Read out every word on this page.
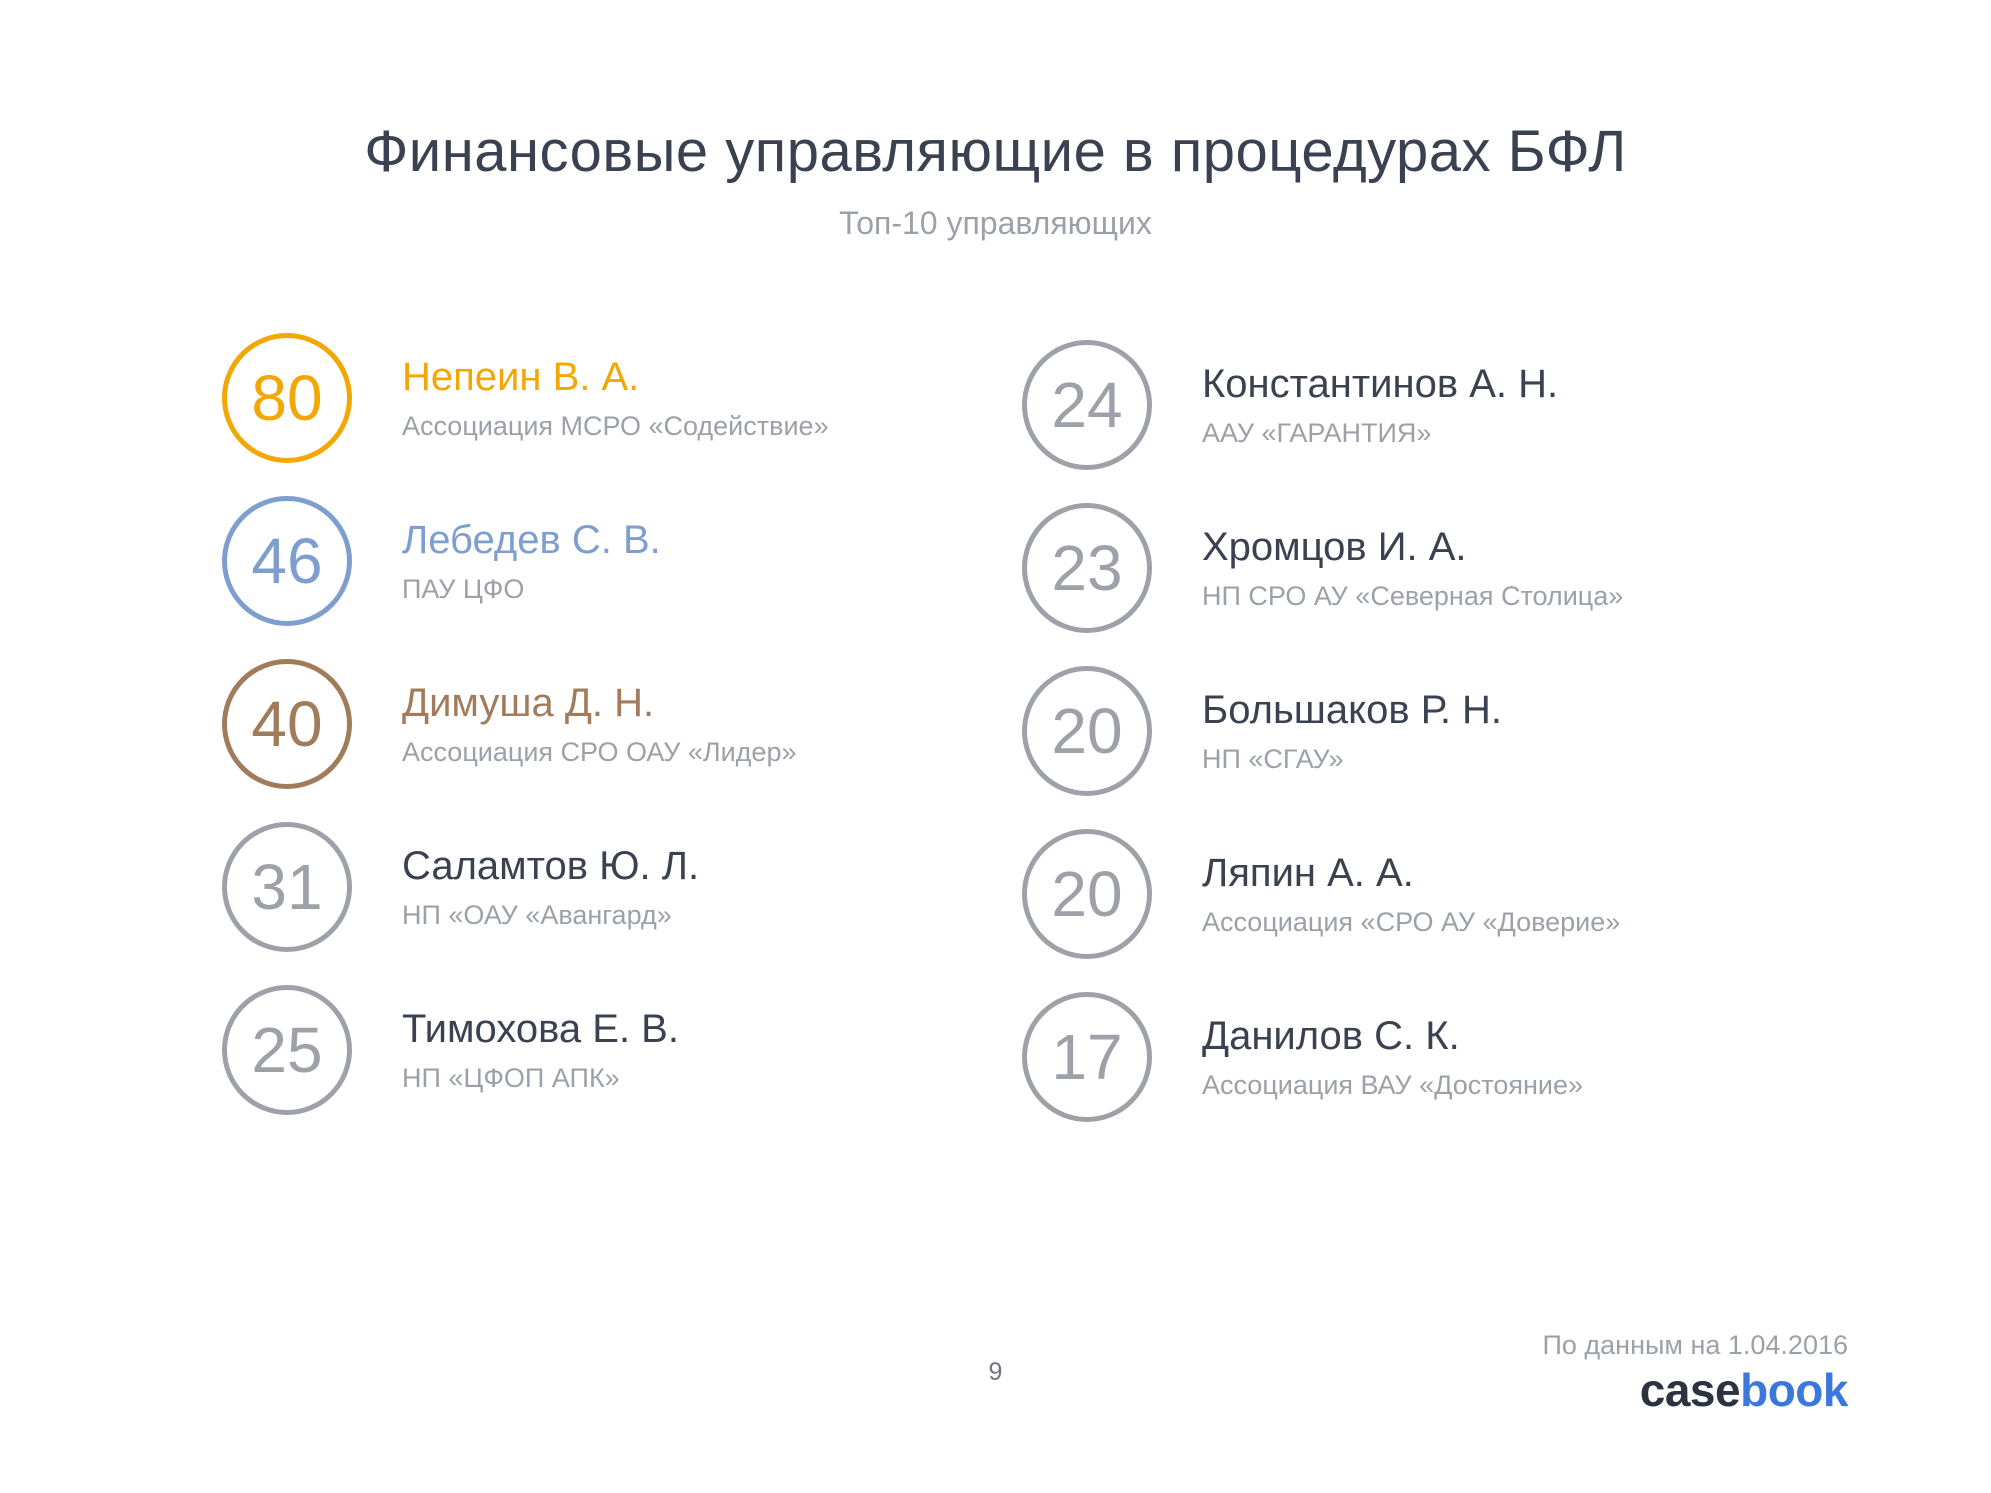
Финансовые управляющие в процедурах БФЛ
Топ-10 управляющих
80 Непеин В. А.
Ассоциация МСРО «Содействие»
46 Лебедев С. В.
ПАУ ЦФО
40 Димуша Д. Н.
Ассоциация СРО ОАУ «Лидер»
31 Саламтов Ю. Л.
НП «ОАУ «Авангард»
25 Тимохова Е. В.
НП «ЦФОП АПК»
24 Константинов А. Н.
ААУ «ГАРАНТИЯ»
23 Хромцов И. А.
НП СРО АУ «Северная Столица»
20 Большаков Р. Н.
НП «СГАУ»
20 Ляпин А. А.
Ассоциация «СРО АУ «Доверие»
17 Данилов С. К.
Ассоциация ВАУ «Достояние»
9
По данным на 1.04.2016
casebook
